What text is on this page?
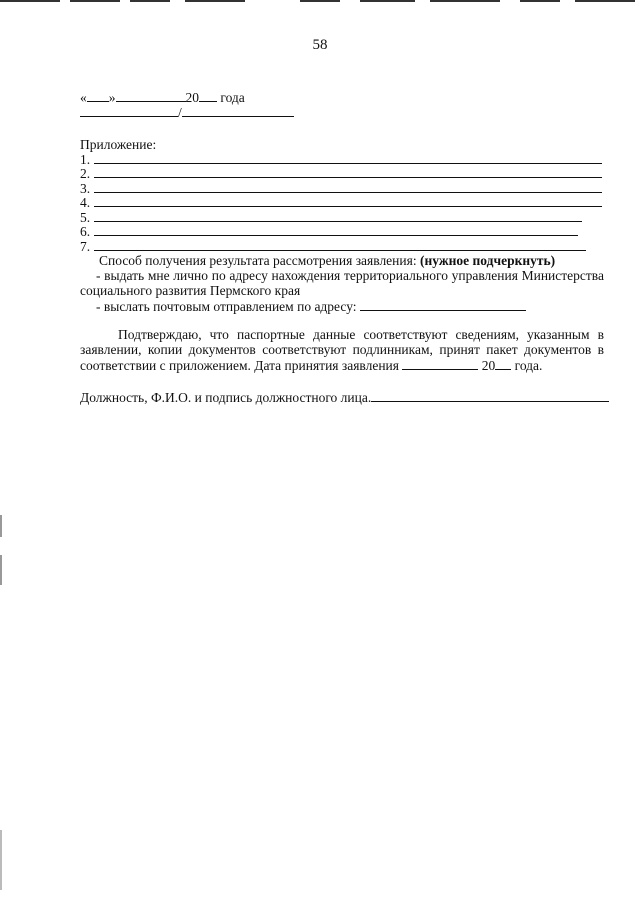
58
« »	20 года
/
Приложение:
1.
2.
3.
4.
5.
6.
7.
Способ получения результата рассмотрения заявления: (нужное подчеркнуть)
- выдать мне лично по адресу нахождения территориального управления Министерства
социального развития Пермского края
- выслать почтовым отправлением по адресу:
Подтверждаю, что паспортные данные соответствуют сведениям, указанным в
заявлении, копии документов соответствуют подлинникам, принят пакет документов в
соответствии с приложением. Дата принятия заявления	20 года.
Должность, Ф.И.О. и подпись должностного лица.
